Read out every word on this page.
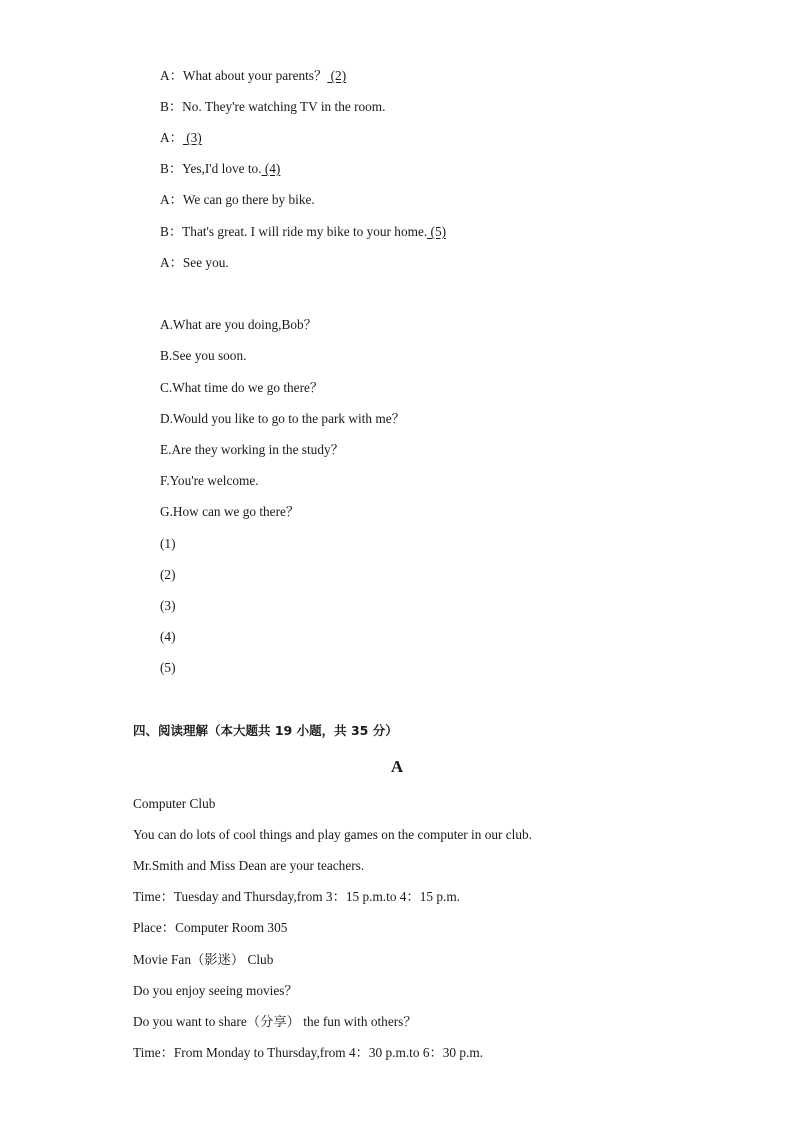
A：What about your parents？ (2)
B：No. They're watching TV in the room.
A： (3)
B：Yes,I'd love to. (4)
A：We can go there by bike.
B：That's great. I will ride my bike to your home. (5)
A：See you.
A.What are you doing,Bob？
B.See you soon.
C.What time do we go there？
D.Would you like to go to the park with me？
E.Are they working in the study？
F.You're welcome.
G.How can we go there？
(1)
(2)
(3)
(4)
(5)
四、阅读理解（本大题共 19 小题，共 35 分）
A
Computer Club
You can do lots of cool things and play games on the computer in our club.
Mr.Smith and Miss Dean are your teachers.
Time：Tuesday and Thursday,from 3：15 p.m.to 4：15 p.m.
Place：Computer Room 305
Movie Fan（影迷） Club
Do you enjoy seeing movies？
Do you want to share（分享） the fun with others？
Time：From Monday to Thursday,from 4：30 p.m.to 6：30 p.m.
